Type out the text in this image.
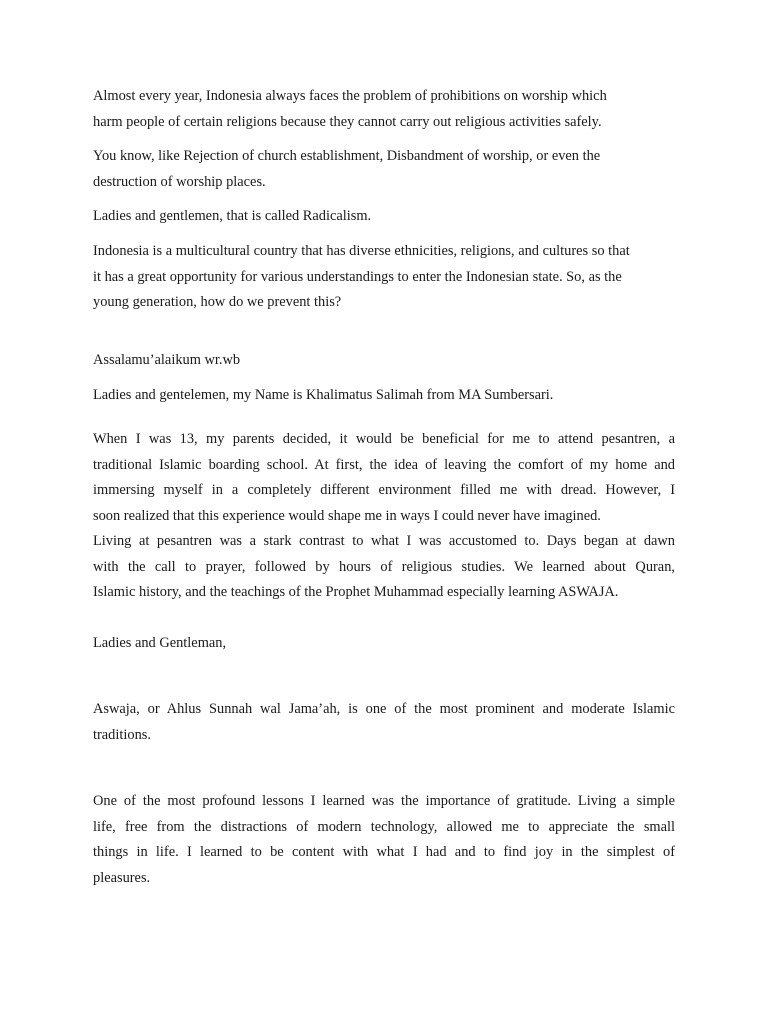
Almost every year, Indonesia always faces the problem of prohibitions on worship which
harm people of certain religions because they cannot carry out religious activities safely.

You know, like Rejection of church establishment, Disbandment of worship, or even the
destruction of worship places.

Ladies and gentlemen, that is called Radicalism.

Indonesia is a multicultural country that has diverse ethnicities, religions, and cultures so that
it has a great opportunity for various understandings to enter the Indonesian state. So, as the
young generation, how do we prevent this?

Assalamu’alaikum wr.wb

Ladies and gentelemen, my Name is Khalimatus Salimah from MA Sumbersari.

When I was 13, my parents decided, it would be beneficial for me to attend pesantren, a
traditional Islamic boarding school. At first, the idea of leaving the comfort of my home and
immersing myself in a completely different environment filled me with dread. However, I
soon realized that this experience would shape me in ways I could never have imagined.
Living at pesantren was a stark contrast to what I was accustomed to. Days began at dawn
with the call to prayer, followed by hours of religious studies. We learned about Quran,
Islamic history, and the teachings of the Prophet Muhammad especially learning ASWAJA.

Ladies and Gentleman,

Aswaja, or Ahlus Sunnah wal Jama’ah, is one of the most prominent and moderate Islamic
traditions.

One of the most profound lessons I learned was the importance of gratitude. Living a simple
life, free from the distractions of modern technology, allowed me to appreciate the small
things in life. I learned to be content with what I had and to find joy in the simplest of
pleasures.
